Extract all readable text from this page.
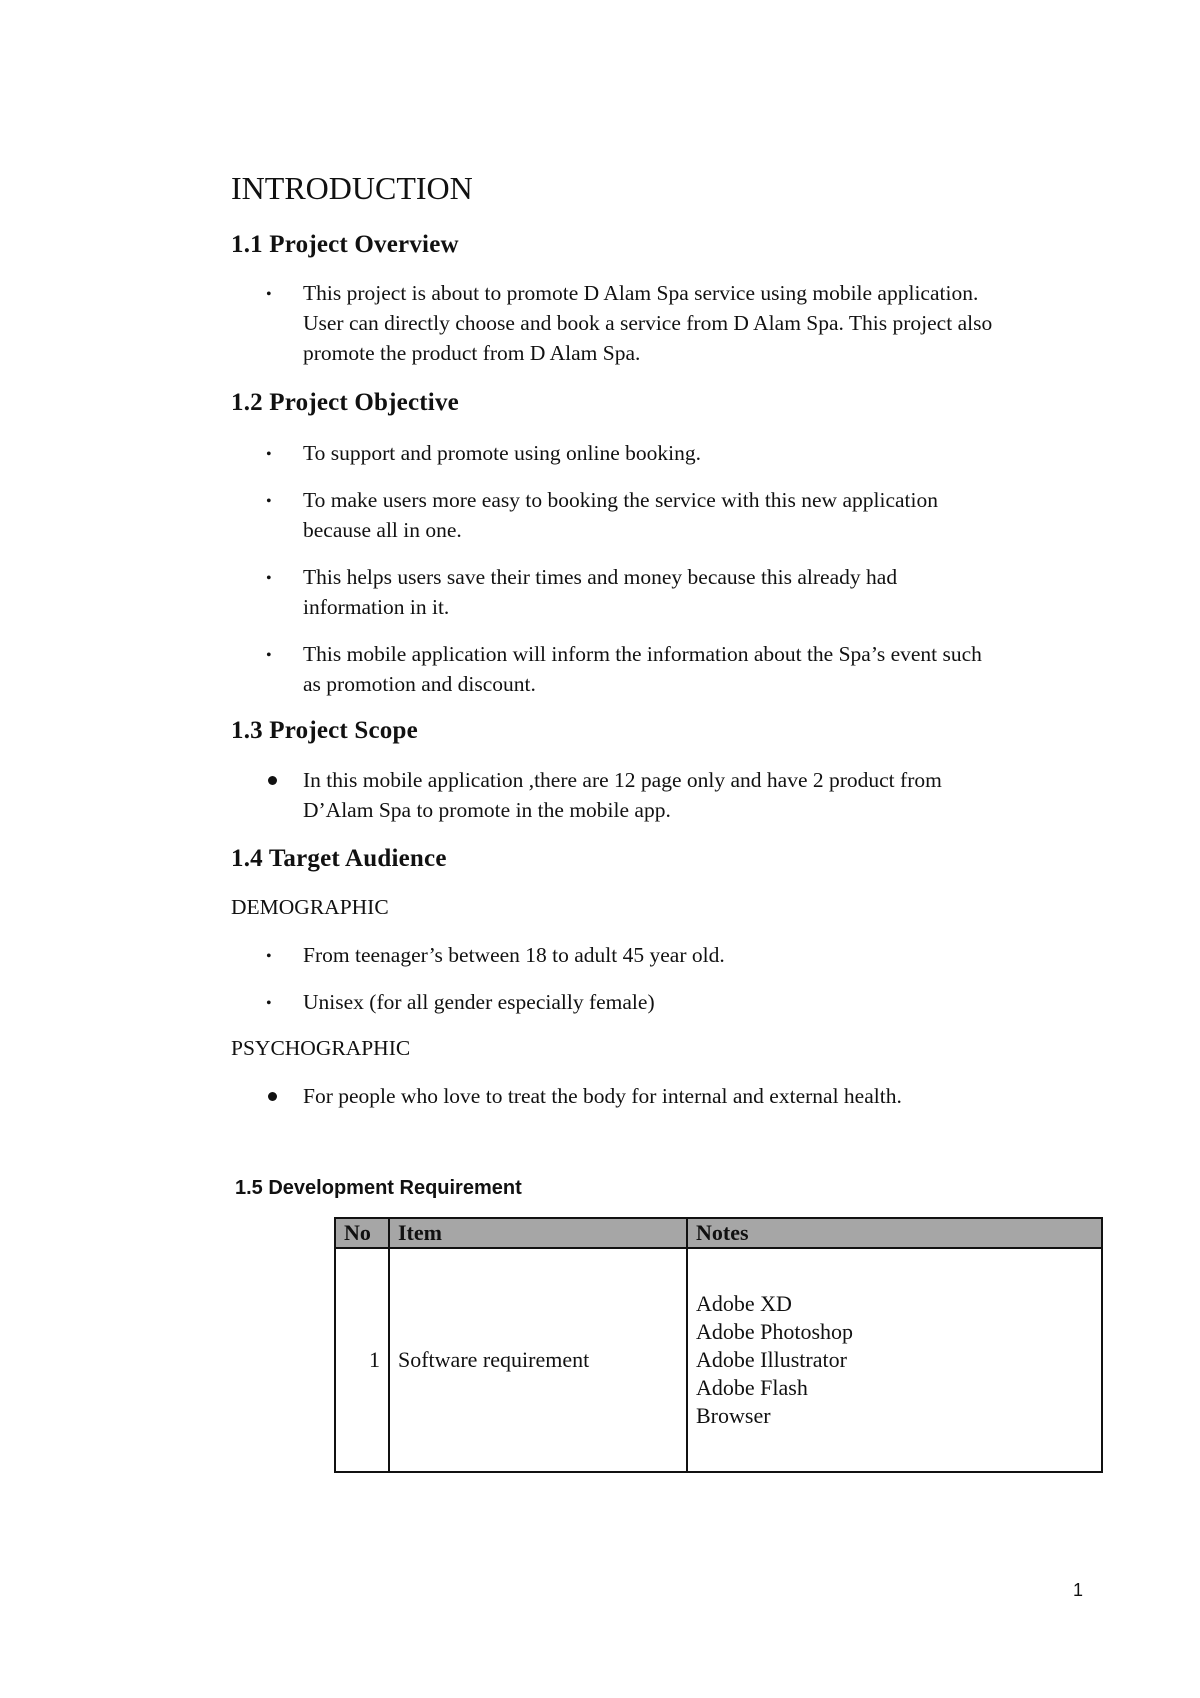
INTRODUCTION
1.1 Project Overview
• This project is about to promote D Alam Spa service using mobile application.
User can directly choose and book a service from D Alam Spa. This project also
promote the product from D Alam Spa.
1.2 Project Objective
• To support and promote using online booking.
• To make users more easy to booking the service with this new application
because all in one.
• This helps users save their times and money because this already had
information in it.
• This mobile application will inform the information about the Spa’s event such
as promotion and discount.
1.3 Project Scope
In this mobile application ,there are 12 page only and have 2 product from
D’Alam Spa to promote in the mobile app.
1.4 Target Audience
DEMOGRAPHIC
• From teenager’s between 18 to adult 45 year old.
• Unisex (for all gender especially female)
PSYCHOGRAPHIC
For people who love to treat the body for internal and external health.
1.5 Development Requirement
No	Item	Notes
1	Software requirement	Adobe XD
Adobe Photoshop
Adobe Illustrator
Adobe Flash
Browser
1
